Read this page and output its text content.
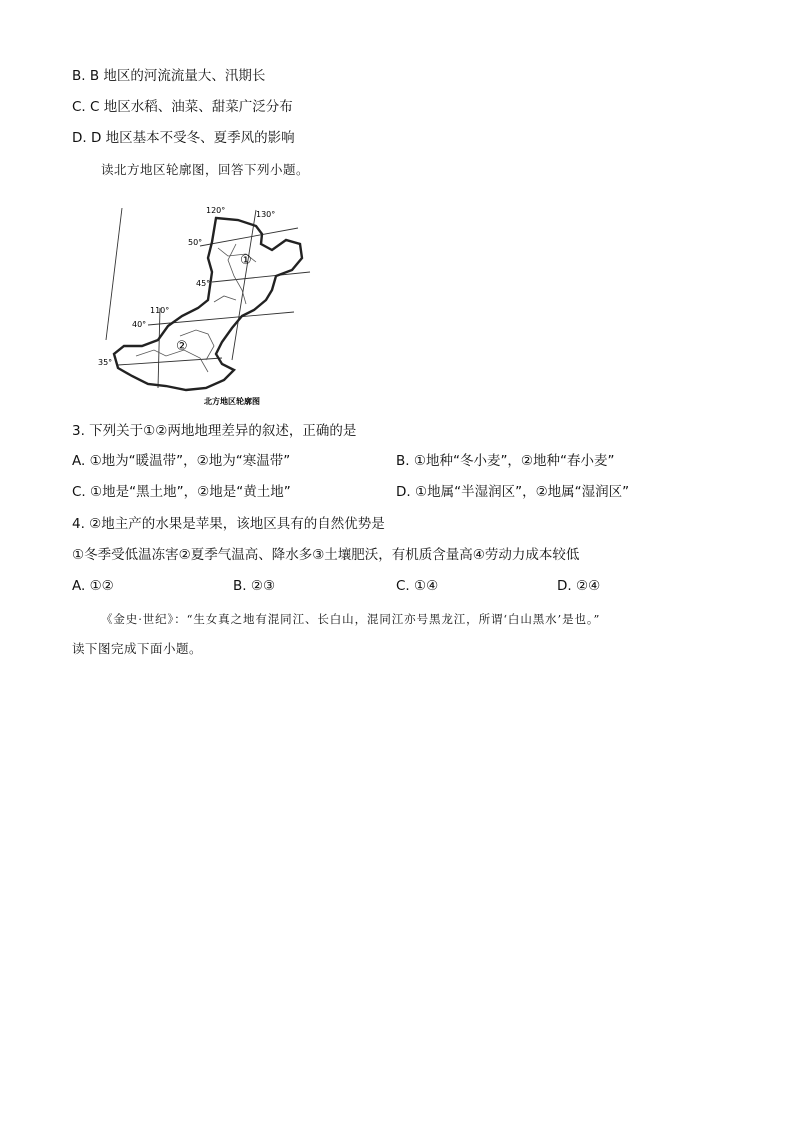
B. B 地区的河流流量大、汛期长
C. C 地区水稻、油菜、甜菜广泛分布
D. D 地区基本不受冬、夏季风的影响
读北方地区轮廓图，回答下列小题。
120°	130°
110°
50°
45°
40°
35°
①
②
北方地区轮廓图
3. 下列关于①②两地地理差异的叙述，正确的是
A. ①地为“暖温带”，②地为“寒温带”	B. ①地种“冬小麦”，②地种“春小麦”
C. ①地是“黑土地”，②地是“黄土地”	D. ①地属“半湿润区”，②地属“湿润区”
4. ②地主产的水果是苹果，该地区具有的自然优势是
①冬季受低温冻害②夏季气温高、降水多③土壤肥沃，有机质含量高④劳动力成本较低
A. ①②	B. ②③	C. ①④	D. ②④
《金史·世纪》：“生女真之地有混同江、长白山，混同江亦号黑龙江，所谓‘白山黑水’是也。”
读下图完成下面小题。
